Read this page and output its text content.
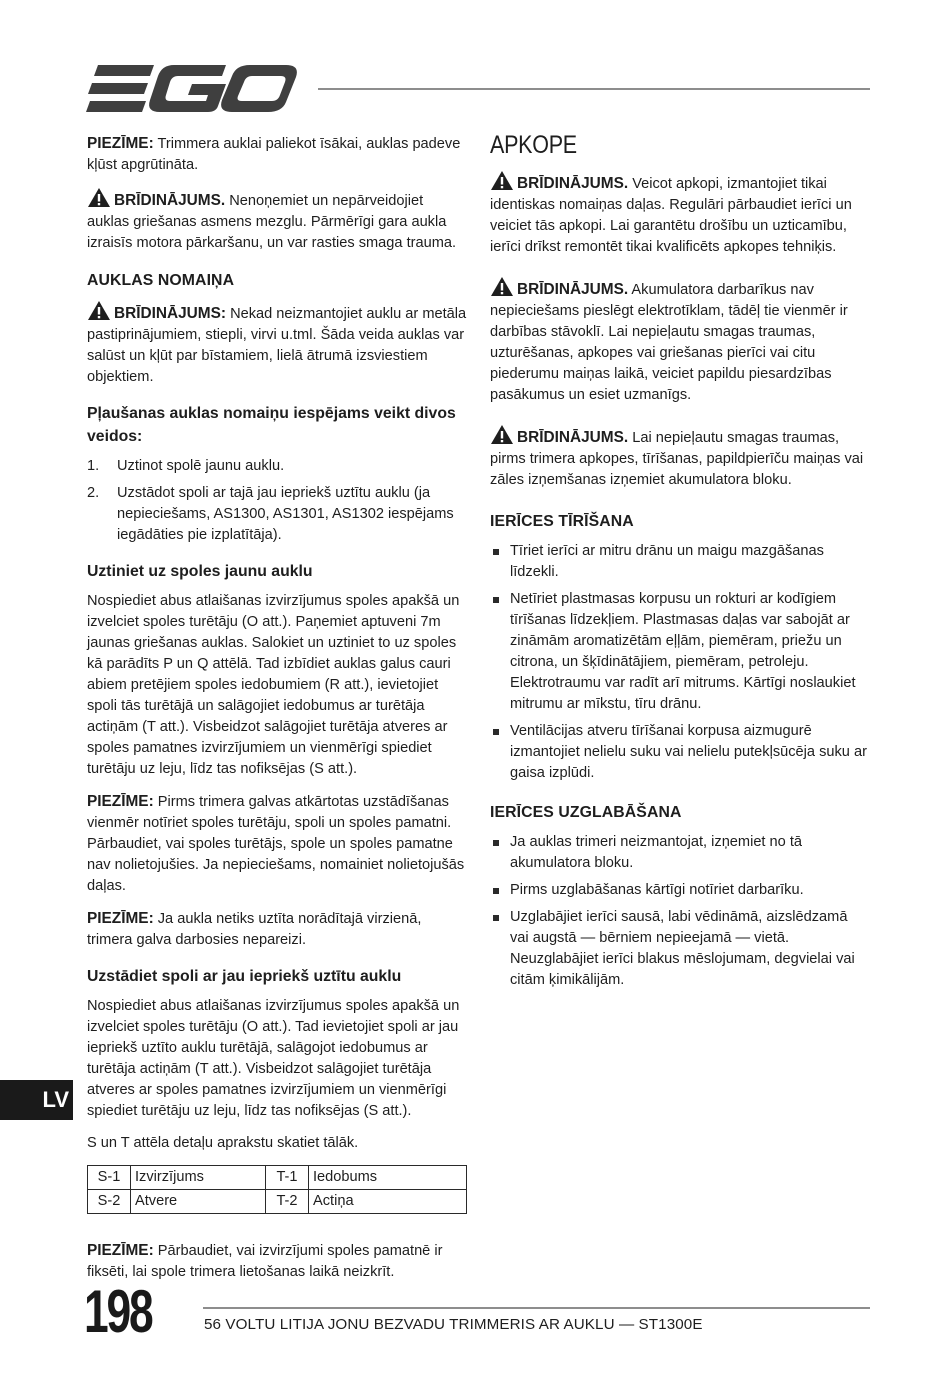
PIEZĪME: Trimmera auklai paliekot īsākai, auklas padeve kļūst apgrūtināta.

BRĪDINĀJUMS. Nenoņemiet un nepārveidojiet auklas griešanas asmens mezglu. Pārmērīgi gara aukla izraisīs motora pārkaršanu, un var rasties smaga trauma.

AUKLAS NOMAIŅA

BRĪDINĀJUMS: Nekad neizmantojiet auklu ar metāla pastiprinājumiem, stiepli, virvi u.tml. Šāda veida auklas var salūst un kļūt par bīstamiem, lielā ātrumā izsviestiem objektiem.

Pļaušanas auklas nomaiņu iespējams veikt divos veidos:
1. Uztinot spolē jaunu auklu.
2. Uzstādot spoli ar tajā jau iepriekš uztītu auklu (ja nepieciešams, AS1300, AS1301, AS1302 iespējams iegādāties pie izplatītāja).
Uztiniet uz spoles jaunu auklu

Nospiediet abus atlaišanas izvirzījumus spoles apakšā un izvelciet spoles turētāju (O att.). Paņemiet aptuveni 7m jaunas griešanas auklas. Salokiet un uztiniet to uz spoles kā parādīts P un Q attēlā. Tad izbīdiet auklas galus cauri abiem pretējiem spoles iedobumiem (R att.), ievietojiet spoli tās turētājā un salāgojiet iedobumus ar turētāja actiņām (T att.). Visbeidzot salāgojiet turētāja atveres ar spoles pamatnes izvirzījumiem un vienmērīgi spiediet turētāju uz leju, līdz tas nofiksējas (S att.).

PIEZĪME: Pirms trimera galvas atkārtotas uzstādīšanas vienmēr notīriet spoles turētāju, spoli un spoles pamatni. Pārbaudiet, vai spoles turētājs, spole un spoles pamatne nav nolietojušies. Ja nepieciešams, nomainiet nolietojušās daļas.

PIEZĪME: Ja aukla netiks uztīta norādītajā virzienā, trimera galva darbosies nepareizi.

Uzstādiet spoli ar jau iepriekš uztītu auklu

Nospiediet abus atlaišanas izvirzījumus spoles apakšā un izvelciet spoles turētāju (O att.). Tad ievietojiet spoli ar jau iepriekš uztīto auklu turētājā, salāgojot iedobumus ar turētāja actiņām (T att.). Visbeidzot salāgojiet turētāja atveres ar spoles pamatnes izvirzījumiem un vienmērīgi spiediet turētāju uz leju, līdz tas nofiksējas (S att.).

S un T attēla detaļu aprakstu skatiet tālāk.

S-1	Izvirzījums	T-1	Iedobums
S-2	Atvere	T-2	Actiņa

PIEZĪME: Pārbaudiet, vai izvirzījumi spoles pamatnē ir fiksēti, lai spole trimera lietošanas laikā neizkrīt.

APKOPE

BRĪDINĀJUMS. Veicot apkopi, izmantojiet tikai identiskas nomaiņas daļas. Regulāri pārbaudiet ierīci un veiciet tās apkopi. Lai garantētu drošību un uzticamību, ierīci drīkst remontēt tikai kvalificēts apkopes tehniķis.

BRĪDINĀJUMS. Akumulatora darbarīkus nav nepieciešams pieslēgt elektrotīklam, tādēļ tie vienmēr ir darbības stāvoklī. Lai nepieļautu smagas traumas, uzturēšanas, apkopes vai griešanas pierīci vai citu piederumu maiņas laikā, veiciet papildu piesardzības pasākumus un esiet uzmanīgs.

BRĪDINĀJUMS. Lai nepieļautu smagas traumas, pirms trimera apkopes, tīrīšanas, papildpierīču maiņas vai zāles izņemšanas izņemiet akumulatora bloku.

IERĪCES TĪRĪŠANA
Tīriet ierīci ar mitru drānu un maigu mazgāšanas līdzekli.
Netīriet plastmasas korpusu un rokturi ar kodīgiem tīrīšanas līdzekļiem. Plastmasas daļas var sabojāt ar zināmām aromatizētām eļļām, piemēram, priežu un citrona, un šķīdinātājiem, piemēram, petroleju. Elektrotraumu var radīt arī mitrums. Kārtīgi noslaukiet mitrumu ar mīkstu, tīru drānu.
Ventilācijas atveru tīrīšanai korpusa aizmugurē izmantojiet nelielu suku vai nelielu putekļsūcēja suku ar gaisa izplūdi.
IERĪCES UZGLABĀŠANA
Ja auklas trimeri neizmantojat, izņemiet no tā akumulatora bloku.
Pirms uzglabāšanas kārtīgi notīriet darbarīku.
Uzglabājiet ierīci sausā, labi vēdināmā, aizslēdzamā vai augstā — bērniem nepieejamā — vietā. Neuzglabājiet ierīci blakus mēslojumam, degvielai vai citām ķimikālijām.
LV
198	56 VOLTU LITIJA JONU BEZVADU TRIMMERIS AR AUKLU — ST1300E
